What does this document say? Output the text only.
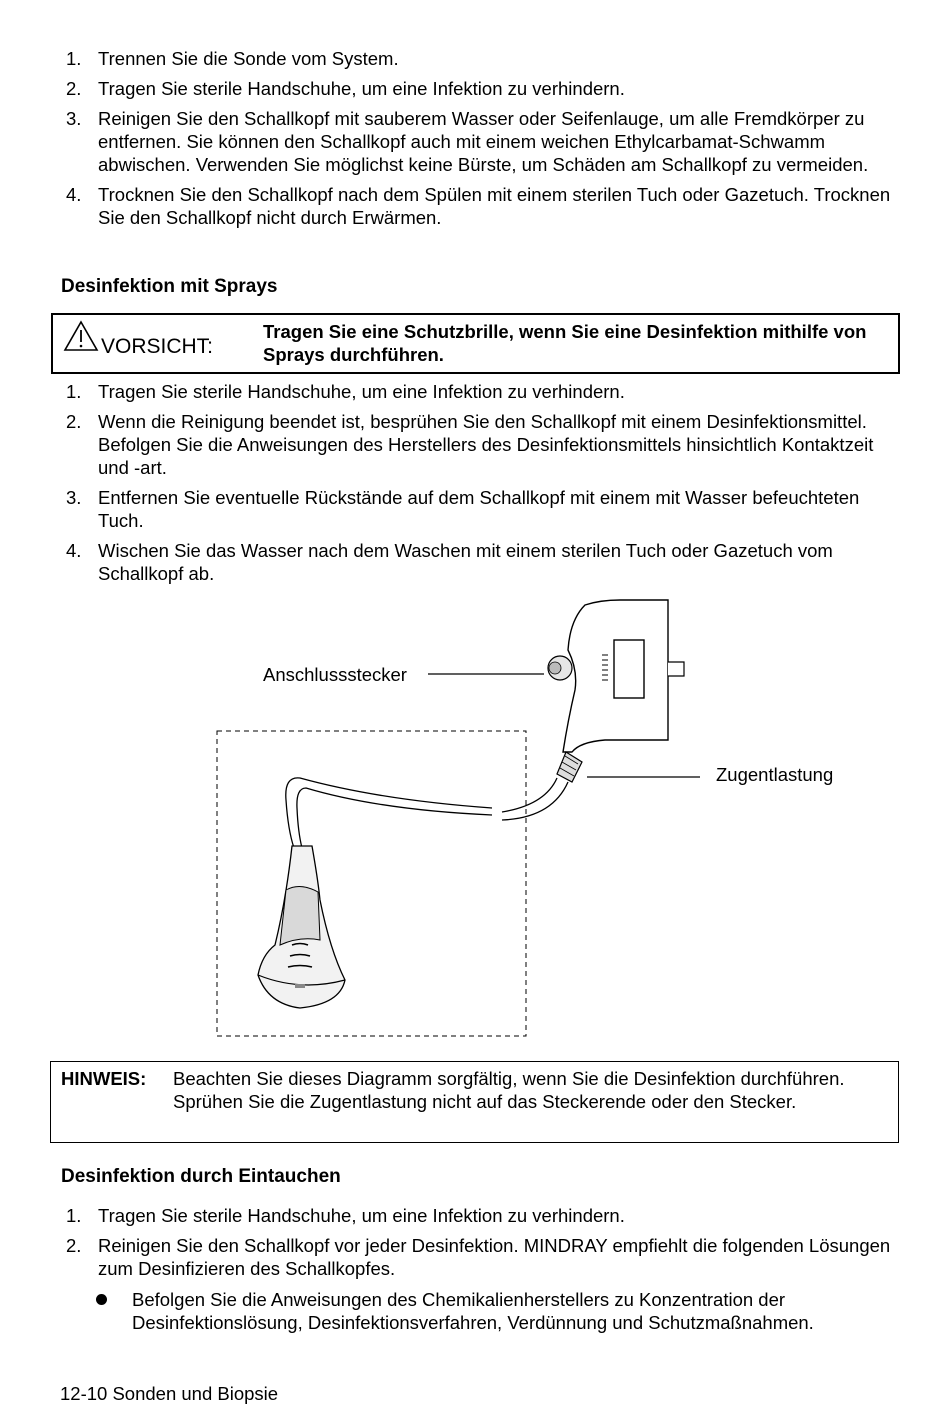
1. Trennen Sie die Sonde vom System.
2. Tragen Sie sterile Handschuhe, um eine Infektion zu verhindern.
3. Reinigen Sie den Schallkopf mit sauberem Wasser oder Seifenlauge, um alle Fremdkörper zu entfernen. Sie können den Schallkopf auch mit einem weichen Ethylcarbamat-Schwamm abwischen. Verwenden Sie möglichst keine Bürste, um Schäden am Schallkopf zu vermeiden.
4. Trocknen Sie den Schallkopf nach dem Spülen mit einem sterilen Tuch oder Gazetuch. Trocknen Sie den Schallkopf nicht durch Erwärmen.
Desinfektion mit Sprays
VORSICHT:
Tragen Sie eine Schutzbrille, wenn Sie eine Desinfektion mithilfe von Sprays durchführen.
1. Tragen Sie sterile Handschuhe, um eine Infektion zu verhindern.
2. Wenn die Reinigung beendet ist, besprühen Sie den Schallkopf mit einem Desinfektionsmittel. Befolgen Sie die Anweisungen des Herstellers des Desinfektionsmittels hinsichtlich Kontaktzeit und -art.
3. Entfernen Sie eventuelle Rückstände auf dem Schallkopf mit einem mit Wasser befeuchteten Tuch.
4. Wischen Sie das Wasser nach dem Waschen mit einem sterilen Tuch oder Gazetuch vom Schallkopf ab.
Anschlussstecker
Zugentlastung
HINWEIS: Beachten Sie dieses Diagramm sorgfältig, wenn Sie die Desinfektion durchführen. Sprühen Sie die Zugentlastung nicht auf das Steckerende oder den Stecker.
Desinfektion durch Eintauchen
1. Tragen Sie sterile Handschuhe, um eine Infektion zu verhindern.
2. Reinigen Sie den Schallkopf vor jeder Desinfektion. MINDRAY empfiehlt die folgenden Lösungen zum Desinfizieren des Schallkopfes.
Befolgen Sie die Anweisungen des Chemikalienherstellers zu Konzentration der Desinfektionslösung, Desinfektionsverfahren, Verdünnung und Schutzmaßnahmen.
12-10 Sonden und Biopsie
